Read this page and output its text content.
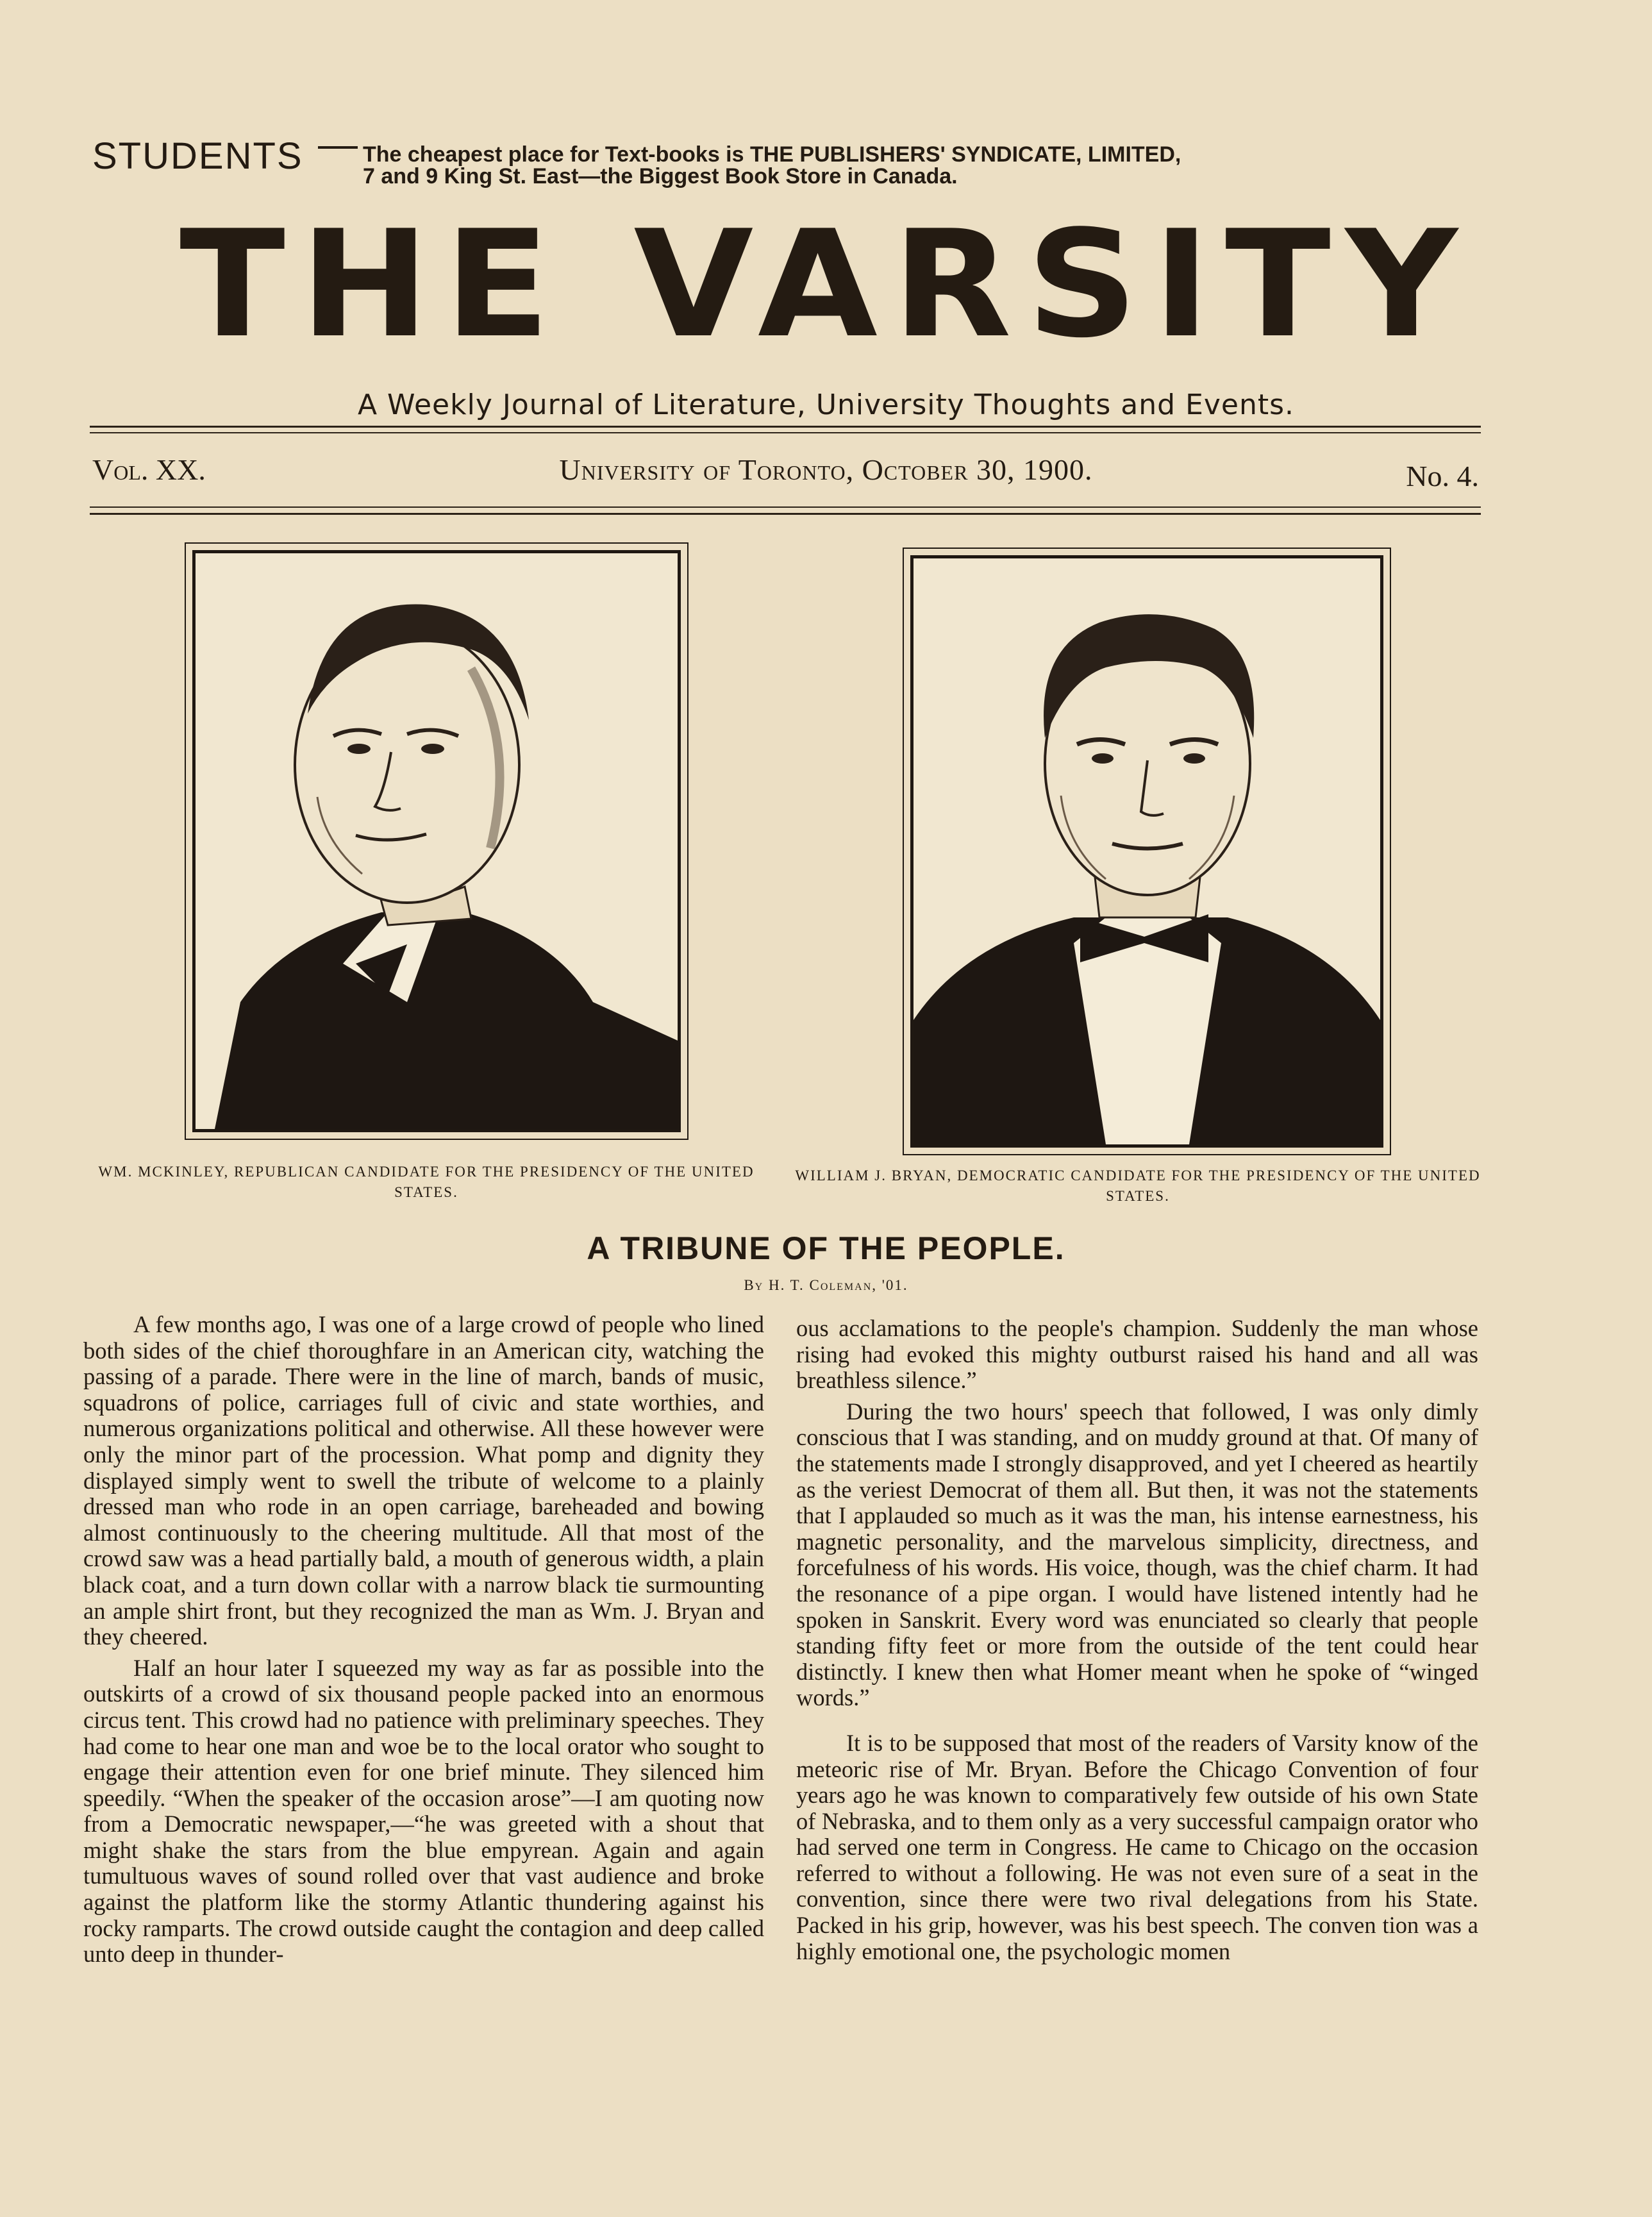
STUDENTS	The cheapest place for Text-books is THE PUBLISHERS' SYNDICATE, LIMITED,
7 and 9 King St. East—the Biggest Book Store in Canada.
THE VARSITY
A Weekly Journal of Literature, University Thoughts and Events.
Vol. XX.	University of Toronto, October 30, 1900.	No. 4.
WM. MCKINLEY, REPUBLICAN CANDIDATE FOR THE PRESIDENCY OF THE UNITED STATES.
WILLIAM J. BRYAN, DEMOCRATIC CANDIDATE FOR THE PRESIDENCY OF THE UNITED STATES.
A TRIBUNE OF THE PEOPLE.
By H. T. Coleman, '01.

A few months ago, I was one of a large crowd of people who lined both sides of the chief thoroughfare in an American city, watching the passing of a parade. There were in the line of march, bands of music, squadrons of police, carriages full of civic and state worthies, and numerous organizations political and otherwise. All these however were only the minor part of the procession. What pomp and dignity they displayed simply went to swell the tribute of welcome to a plainly dressed man who rode in an open carriage, bareheaded and bowing almost continuously to the cheering multitude. All that most of the crowd saw was a head partially bald, a mouth of generous width, a plain black coat, and a turn down collar with a narrow black tie surmounting an ample shirt front, but they recognized the man as Wm. J. Bryan and they cheered.

Half an hour later I squeezed my way as far as possible into the outskirts of a crowd of six thousand people packed into an enormous circus tent. This crowd had no patience with preliminary speeches. They had come to hear one man and woe be to the local orator who sought to engage their attention even for one brief minute. They silenced him speedily. “When the speaker of the occasion arose”—I am quoting now from a Democratic newspaper,—“he was greeted with a shout that might shake the stars from the blue empyrean. Again and again tumultuous waves of sound rolled over that vast audience and broke against the platform like the stormy Atlantic thundering against his rocky ramparts. The crowd outside caught the contagion and deep called unto deep in thunder-

ous acclamations to the people's champion. Suddenly the man whose rising had evoked this mighty outburst raised his hand and all was breathless silence.”

During the two hours' speech that followed, I was only dimly conscious that I was standing, and on muddy ground at that. Of many of the statements made I strongly disapproved, and yet I cheered as heartily as the veriest Democrat of them all. But then, it was not the statements that I applauded so much as it was the man, his intense earnestness, his magnetic personality, and the marvelous simplicity, directness, and forcefulness of his words. His voice, though, was the chief charm. It had the resonance of a pipe organ. I would have listened intently had he spoken in Sanskrit. Every word was enunciated so clearly that people standing fifty feet or more from the outside of the tent could hear distinctly. I knew then what Homer meant when he spoke of “winged words.”

It is to be supposed that most of the readers of Varsity know of the meteoric rise of Mr. Bryan. Before the Chicago Convention of four years ago he was known to comparatively few outside of his own State of Nebraska, and to them only as a very successful campaign orator who had served one term in Congress. He came to Chicago on the occasion referred to without a following. He was not even sure of a seat in the convention, since there were two rival delegations from his State. Packed in his grip, however, was his best speech. The conven tion was a highly emotional one, the psychologic momen
